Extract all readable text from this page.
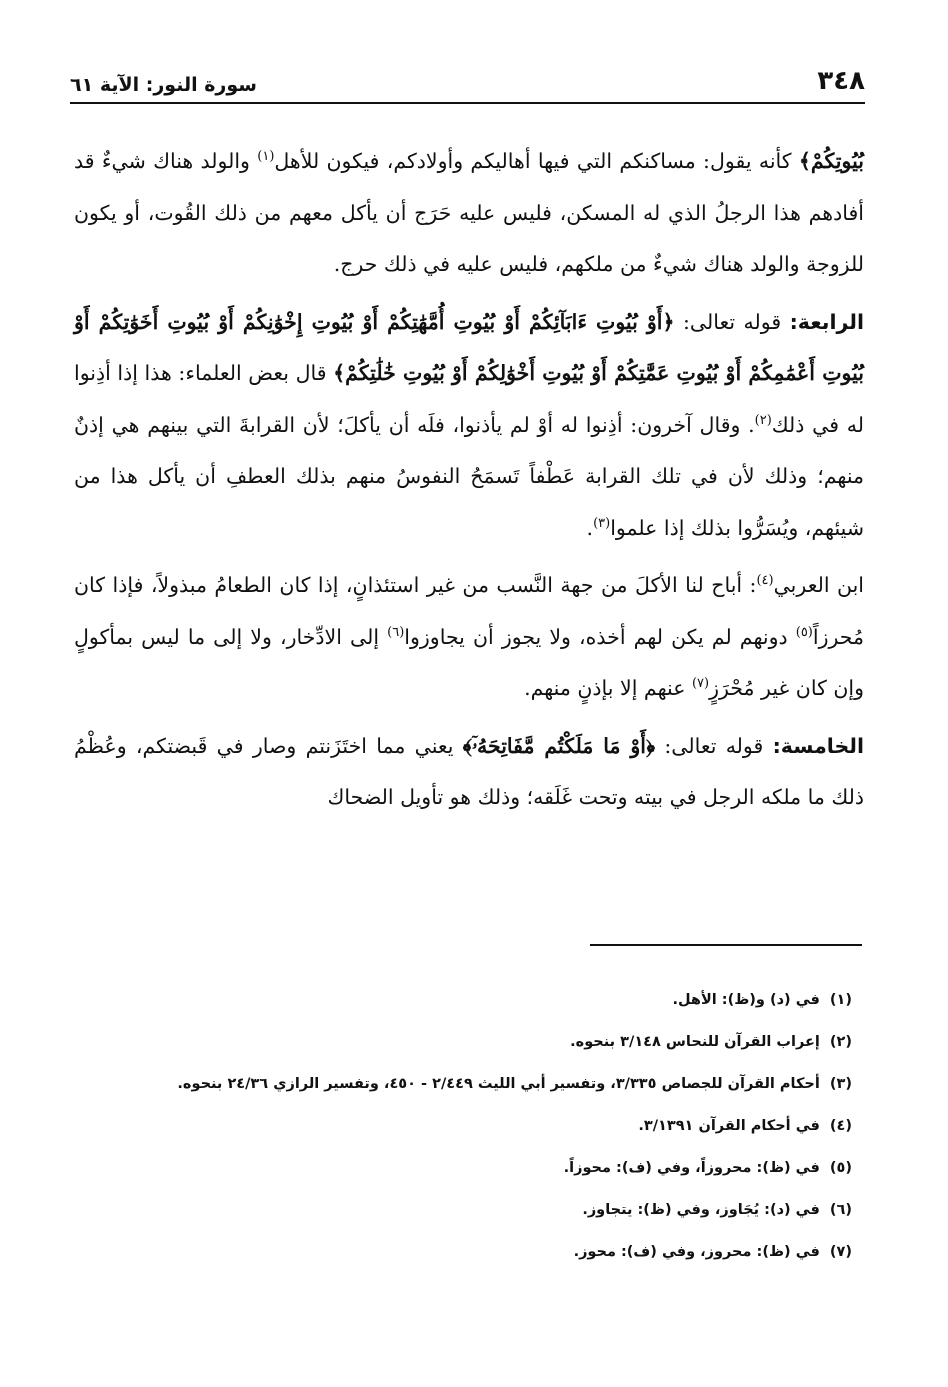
٣٤٨
سورة النور: الآية ٦١

بُيُوتِكُمْ﴾ كأنه يقول: مساكنكم التي فيها أهاليكم وأولادكم، فيكون للأهل$^{(١)}$ والولد هناك شيءٌ قد أفادهم هذا الرجلُ الذي له المسكن، فليس عليه حَرَج أن يأكل معهم من ذلك القُوت، أو يكون للزوجة والولد هناك شيءٌ من ملكهم، فليس عليه في ذلك حرج.

الرابعة: قوله تعالى: ﴿أَوْ بُيُوتِ ءَابَآئِكُمْ أَوْ بُيُوتِ أُمَّهَٰتِكُمْ أَوْ بُيُوتِ إِخْوَٰنِكُمْ أَوْ بُيُوتِ أَخَوَٰتِكُمْ أَوْ بُيُوتِ أَعْمَٰمِكُمْ أَوْ بُيُوتِ عَمَّٰتِكُمْ أَوْ بُيُوتِ أَخْوَٰلِكُمْ أَوْ بُيُوتِ خَٰلَٰتِكُمْ﴾ قال بعض العلماء: هذا إذا أذِنوا له في ذلك$^{(٢)}$. وقال آخرون: أذِنوا له أوْ لم يأذنوا، فلَه أن يأكلَ؛ لأن القرابةَ التي بينهم هي إذنٌ منهم؛ وذلك لأن في تلك القرابة عَطْفاً تَسمَحُ النفوسُ منهم بذلك العطفِ أن يأكل هذا من شيئهم، ويُسَرُّوا بذلك إذا علموا$^{(٣)}$.

ابن العربي$^{(٤)}$: أباح لنا الأكلَ من جهة النَّسب من غير استئذانٍ، إذا كان الطعامُ مبذولاً، فإذا كان مُحرزاً$^{(٥)}$ دونهم لم يكن لهم أخذه، ولا يجوز أن يجاوزوا$^{(٦)}$ إلى الادِّخار، ولا إلى ما ليس بمأكولٍ وإن كان غير مُحْرَزٍ$^{(٧)}$ عنهم إلا بإذنٍ منهم.

الخامسة: قوله تعالى: ﴿أَوْ مَا مَلَكْتُم مَّفَاتِحَهُۥٓ﴾ يعني مما اختَزَنتم وصار في قَبضتكم، وعُظْمُ ذلك ما ملكه الرجل في بيته وتحت غَلَقه؛ وذلك هو تأويل الضحاك

(١)
في (د) و(ظ): الأهل.
(٢)
إعراب القرآن للنحاس ٣/١٤٨ بنحوه.
(٣)
أحكام القرآن للجصاص ٣/٣٣٥، وتفسير أبي الليث ٢/٤٤٩ - ٤٥٠، وتفسير الرازي ٢٤/٣٦ بنحوه.
(٤)
في أحكام القرآن ٣/١٣٩١.
(٥)
في (ظ): محروزاً، وفي (ف): محوزاً.
(٦)
في (د): يُجَاوز، وفي (ظ): يتجاوز.
(٧)
في (ظ): محروز، وفي (ف): محوز.
